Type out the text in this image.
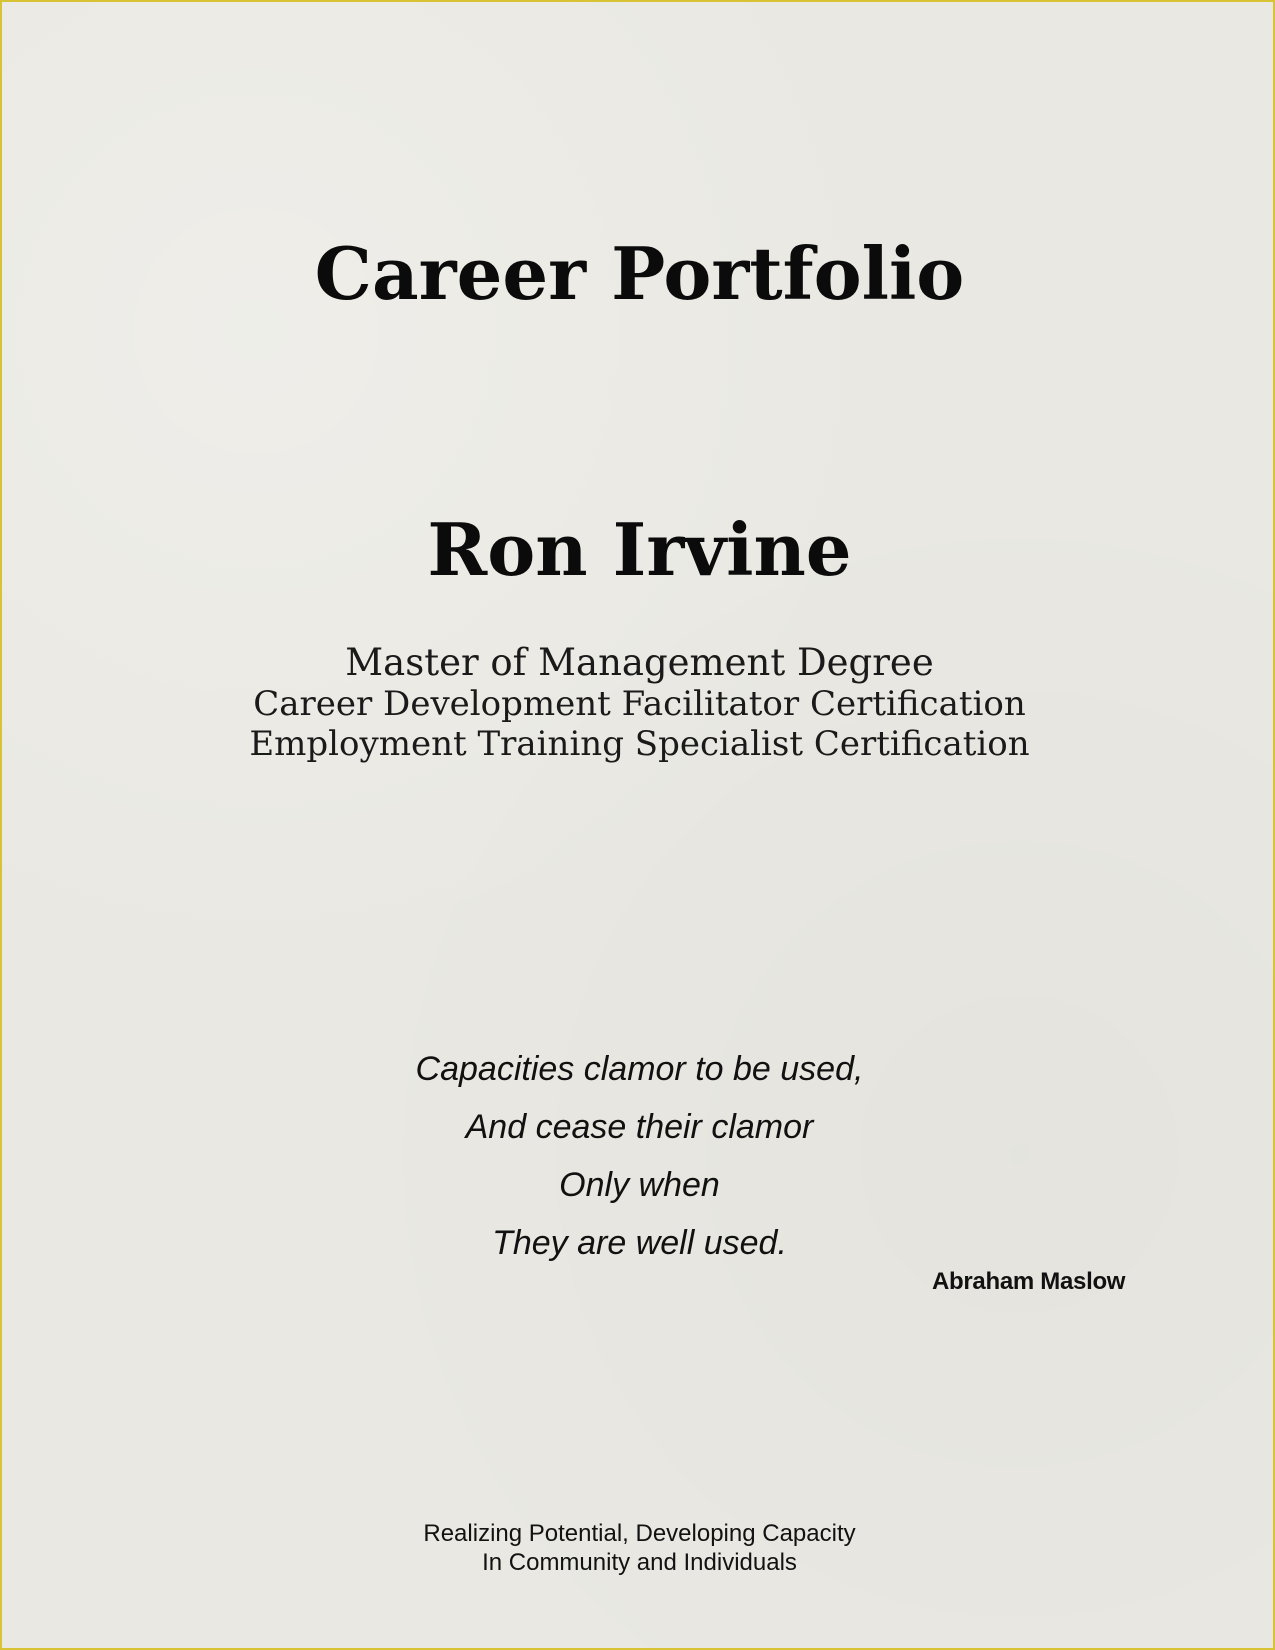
Career Portfolio
Ron Irvine
Master of Management Degree
Career Development Facilitator Certification
Employment Training Specialist Certification
Capacities clamor to be used,
And cease their clamor
Only when
They are well used.
Abraham Maslow
Realizing Potential, Developing Capacity
In Community and Individuals
